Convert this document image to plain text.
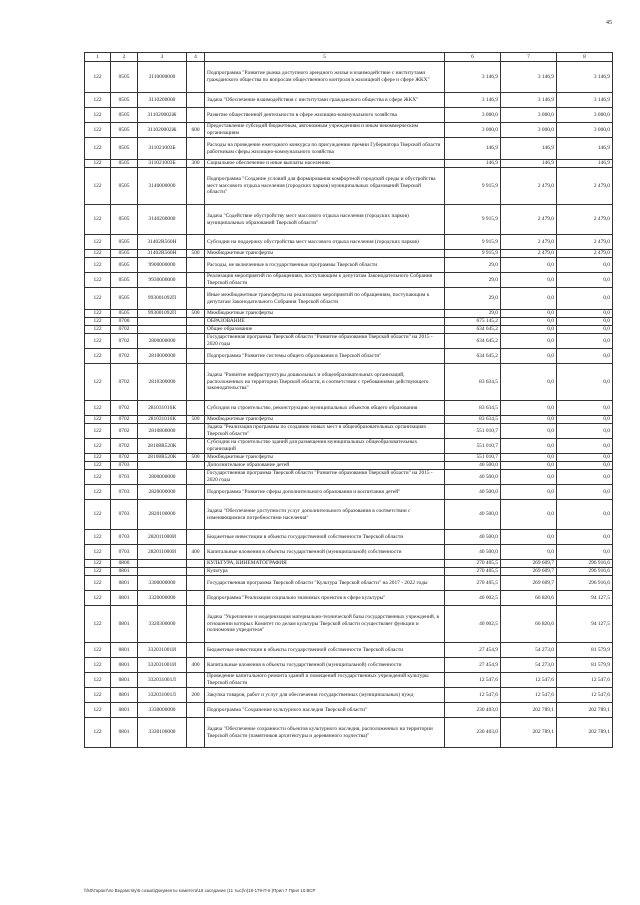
45
1	2	3	4	5	6	7	8
122	0505	3110000000		Подпрограмма "Развитие рынка доступного арендного жилья и взаимодействие с институтами гражданского общества по вопросам общественного контроля в жилищной сфере и сфере ЖКХ"	3 146,9	3 146,9	3 146,9
122	0505	3110200000		Задача "Обеспечение взаимодействия с институтами гражданского общества в сфере ЖКХ"	3 146,9	3 146,9	3 146,9
122	0505	311020002Ж		Развитие общественной деятельности в сфере жилищно-коммунального хозяйства	3 000,0	3 000,0	3 000,0
122	0505	311020002Ж	600	Предоставление субсидий бюджетным, автономным учреждениям и иным некоммерческим организациям	3 000,0	3 000,0	3 000,0
122	0505	311021003Б		Расходы на проведение ежегодного конкурса по присуждению премии Губернатора Тверской области работникам сферы жилищно-коммунального хозяйства	146,9	146,9	146,9
122	0505	311021003Б	300	Социальное обеспечение и иные выплаты населению	146,9	146,9	146,9
122	0505	3140000000		Подпрограмма "Создание условий для формирования комфортной городской среды и обустройства мест массового отдыха населения (городских парков) муниципальных образований Тверской области"	9 915,9	2 479,0	2 479,0
122	0505	3140200000		Задача "Содействие обустройству мест массового отдыха населения (городских парков) муниципальных образований Тверской области"	9 915,9	2 479,0	2 479,0
122	0505	31402R560Н		Субсидии на поддержку обустройства мест массового отдыха населения (городских парков)	9 915,9	2 479,0	2 479,0
122	0505	31402R560Н	500	Межбюджетные трансферты	9 915,9	2 479,0	2 479,0
122	0505	9900000000		Расходы, не включенные в государственные программы Тверской области	29,0	0,0	0,0
122	0505	9930000000		Реализация мероприятий по обращениям, поступающим к депутатам Законодательного Собрания Тверской области	29,0	0,0	0,0
122	0505	993001092П		Иные межбюджетные трансферты на реализацию мероприятий по обращениям, поступающим к депутатам Законодательного Собрания Тверской области	29,0	0,0	0,0
122	0505	993001092П	500	Межбюджетные трансферты	29,0	0,0	0,0
122	0700			ОБРАЗОВАНИЕ	675 145,2	0,0	0,0
122	0702			Общее образование	634 645,2	0,0	0,0
122	0702	2800000000		Государственная программа Тверской области "Развитие образования Тверской области" на 2015 - 2020 годы	634 645,2	0,0	0,0
122	0702	2810000000		Подпрограмма "Развитие системы общего образования в Тверской области"	634 645,2	0,0	0,0
122	0702	2810300000		Задача "Развитие инфраструктуры дошкольных и общеобразовательных организаций, расположенных на территории Тверской области, в соответствии с требованиями действующего законодательства"	83 634,5	0,0	0,0
122	0702	281031016К		Субсидии на строительство, реконструкцию муниципальных объектов общего образования	83 634,5	0,0	0,0
122	0702	281031016К	500	Межбюджетные трансферты	83 634,5	0,0	0,0
122	0702	2810800000		Задача "Реализация программы по созданию новых мест в общеобразовательных организациях Тверской области"	551 010,7	0,0	0,0
122	0702	28108R520К		Субсидии на строительство зданий для размещения муниципальных общеобразовательных организаций	551 010,7	0,0	0,0
122	0702	28108R520К	500	Межбюджетные трансферты	551 010,7	0,0	0,0
122	0703			Дополнительное образование детей	40 500,0	0,0	0,0
122	0703	2800000000		Государственная программа Тверской области "Развитие образования Тверской области" на 2015 - 2020 годы	40 500,0	0,0	0,0
122	0703	2820000000		Подпрограмма "Развитие сферы дополнительного образования и воспитания детей"	40 500,0	0,0	0,0
122	0703	2820100000		Задача "Обеспечение доступности услуг дополнительного образования в соответствии с изменяющимися потребностями населения"	40 500,0	0,0	0,0
122	0703	282011000И		Бюджетные инвестиции в объекты государственной собственности Тверской области	40 500,0	0,0	0,0
122	0703	282011000И	400	Капитальные вложения в объекты государственной (муниципальной) собственности	40 500,0	0,0	0,0
122	0800			КУЛЬТУРА, КИНЕМАТОГРАФИЯ	270 405,5	269 609,7	296 916,6
122	0801			Культура	270 405,5	269 609,7	296 916,6
122	0801	3300000000		Государственная программа Тверской области "Культура Тверской области" на 2017 - 2022 годы	270 405,5	269 609,7	296 916,6
122	0801	3320000000		Подпрограмма "Реализация социально значимых проектов в сфере культуры"	40 002,5	66 820,6	94 127,5
122	0801	3320300000		Задача "Укрепление и модернизация материально-технической базы государственных учреждений, в отношении которых Комитет по делам культуры Тверской области осуществляет функции и полномочия учредителя"	40 002,5	66 820,6	94 127,5
122	0801	332031001И		Бюджетные инвестиции в объекты государственной собственности Тверской области	27 454,9	54 273,0	81 579,9
122	0801	332031001И	400	Капитальные вложения в объекты государственной (муниципальной) собственности	27 454,9	54 273,0	81 579,9
122	0801	332031001Л		Проведение капитального ремонта зданий и помещений государственных учреждений культуры Тверской области	12 547,6	12 547,6	12 547,6
122	0801	332031001Л	200	Закупка товаров, работ и услуг для обеспечения государственных (муниципальных) нужд	12 547,6	12 547,6	12 547,6
122	0801	3330000000		Подпрограмма "Сохранение культурного наследия Тверской области"	230 403,0	202 789,1	202 789,1
122	0801	3330100000		Задача "Обеспечение сохранности объектов культурного наследия, расположенных на территории Тверской области (памятников архитектуры и деревянного зодчества)"	230 403,0	202 789,1	202 789,1
\\fs0\Гарант\по Ведомству\5 созыв\Документы комитета\18 заседание (11 тыс)\п(18-179-П-6 )Прил 7 Прил 10.ВСР
